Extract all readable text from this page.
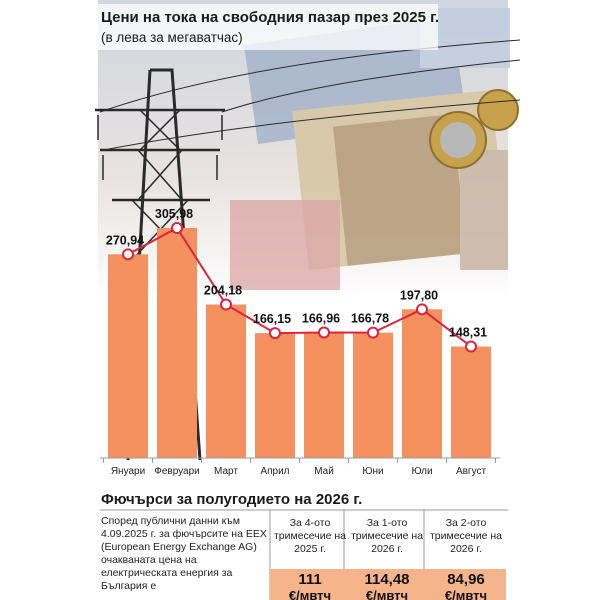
270,94
305,98
204,18
166,15 166,96 166,78
197,80
148,31
Януари Февруари Март Април Май	Юни	Юли Август
Цени на тока на свободния пазар през 2025 г.
(в лева за мегаватчас)
Фючърси за полугодието на 2026 г.
Според публични данни към 4.09.2025 г. за фючърсите на EEX (European Energy Exchange AG) очакваната цена на електрическата енергия за България е
За 4-ото тримесечие на 2025 г.
111
€/мвтч
За 1-ото тримесечие на 2026 г.
114,48
€/мвтч
За 2-ото тримесечие на 2026 г.
84,96
€/мвтч
